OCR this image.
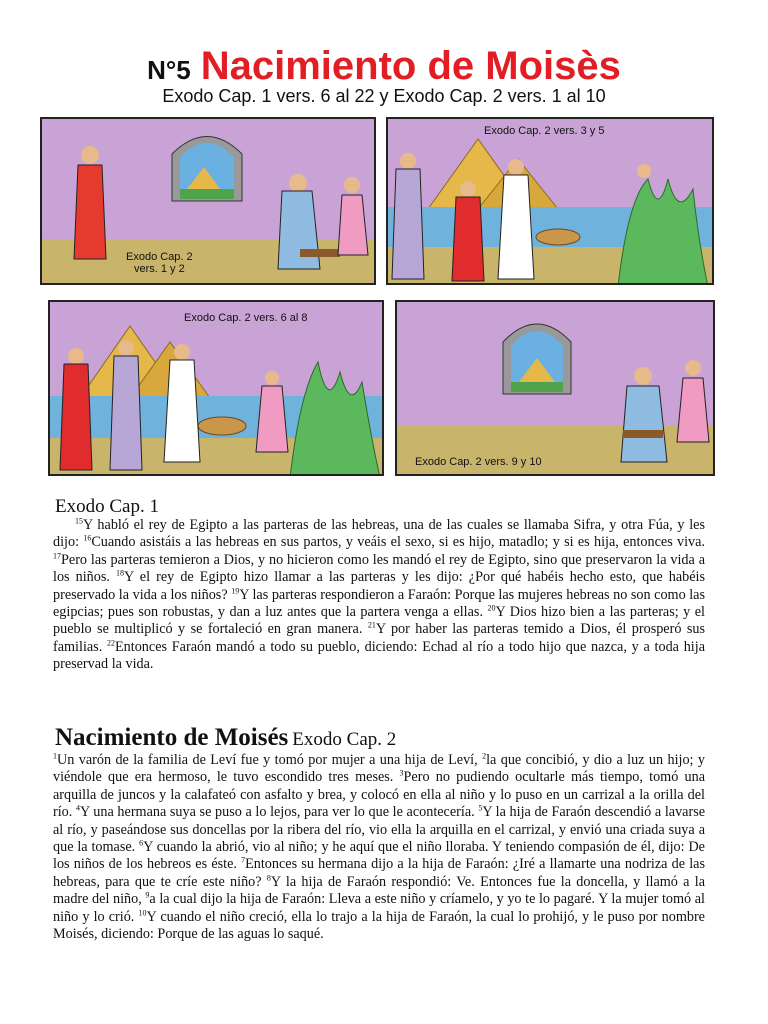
N°5 Nacimiento de Moisès
Exodo Cap. 1 vers. 6 al 22 y Exodo Cap. 2 vers. 1 al 10
Exodo Cap. 2
vers. 1 y 2
Exodo Cap. 2 vers. 3 y 5
Exodo Cap. 2 vers. 6 al 8
Exodo Cap. 2 vers. 9 y 10
Exodo Cap. 1
$^{15}$Y habló el rey de Egipto a las parteras de las hebreas, una de las cuales se llamaba Sifra, y otra Fúa, y les dijo: $^{16}$Cuando asistáis a las hebreas en sus partos, y veáis el sexo, si es hijo, matadlo; y si es hija, entonces viva. $^{17}$Pero las parteras temieron a Dios, y no hicieron como les mandó el rey de Egipto, sino que preservaron la vida a los niños. $^{18}$Y el rey de Egipto hizo llamar a las parteras y les dijo: ¿Por qué habéis hecho esto, que habéis preservado la vida a los niños? $^{19}$Y las parteras respondieron a Faraón: Porque las mujeres hebreas no son como las egipcias; pues son robustas, y dan a luz antes que la partera venga a ellas. $^{20}$Y Dios hizo bien a las parteras; y el pueblo se multiplicó y se fortaleció en gran manera. $^{21}$Y por haber las parteras temido a Dios, él prosperó sus familias. $^{22}$Entonces Faraón mandó a todo su pueblo, diciendo: Echad al río a todo hijo que nazca, y a toda hija preservad la vida.
Nacimiento de Moisés Exodo Cap. 2
$^1$Un varón de la familia de Leví fue y tomó por mujer a una hija de Leví, $^2$la que concibió, y dio a luz un hijo; y viéndole que era hermoso, le tuvo escondido tres meses. $^3$Pero no pudiendo ocultarle más tiempo, tomó una arquilla de juncos y la calafateó con asfalto y brea, y colocó en ella al niño y lo puso en un carrizal a la orilla del río. $^4$Y una hermana suya se puso a lo lejos, para ver lo que le acontecería. $^5$Y la hija de Faraón descendió a lavarse al río, y paseándose sus doncellas por la ribera del río, vio ella la arquilla en el carrizal, y envió una criada suya a que la tomase. $^6$Y cuando la abrió, vio al niño; y he aquí que el niño lloraba. Y teniendo compasión de él, dijo: De los niños de los hebreos es éste. $^7$Entonces su hermana dijo a la hija de Faraón: ¿Iré a llamarte una nodriza de las hebreas, para que te críe este niño? $^8$Y la hija de Faraón respondió: Ve. Entonces fue la doncella, y llamó a la madre del niño, $^9$a la cual dijo la hija de Faraón: Lleva a este niño y críamelo, y yo te lo pagaré. Y la mujer tomó al niño y lo crió. $^{10}$Y cuando el niño creció, ella lo trajo a la hija de Faraón, la cual lo prohijó, y le puso por nombre Moisés, diciendo: Porque de las aguas lo saqué.
